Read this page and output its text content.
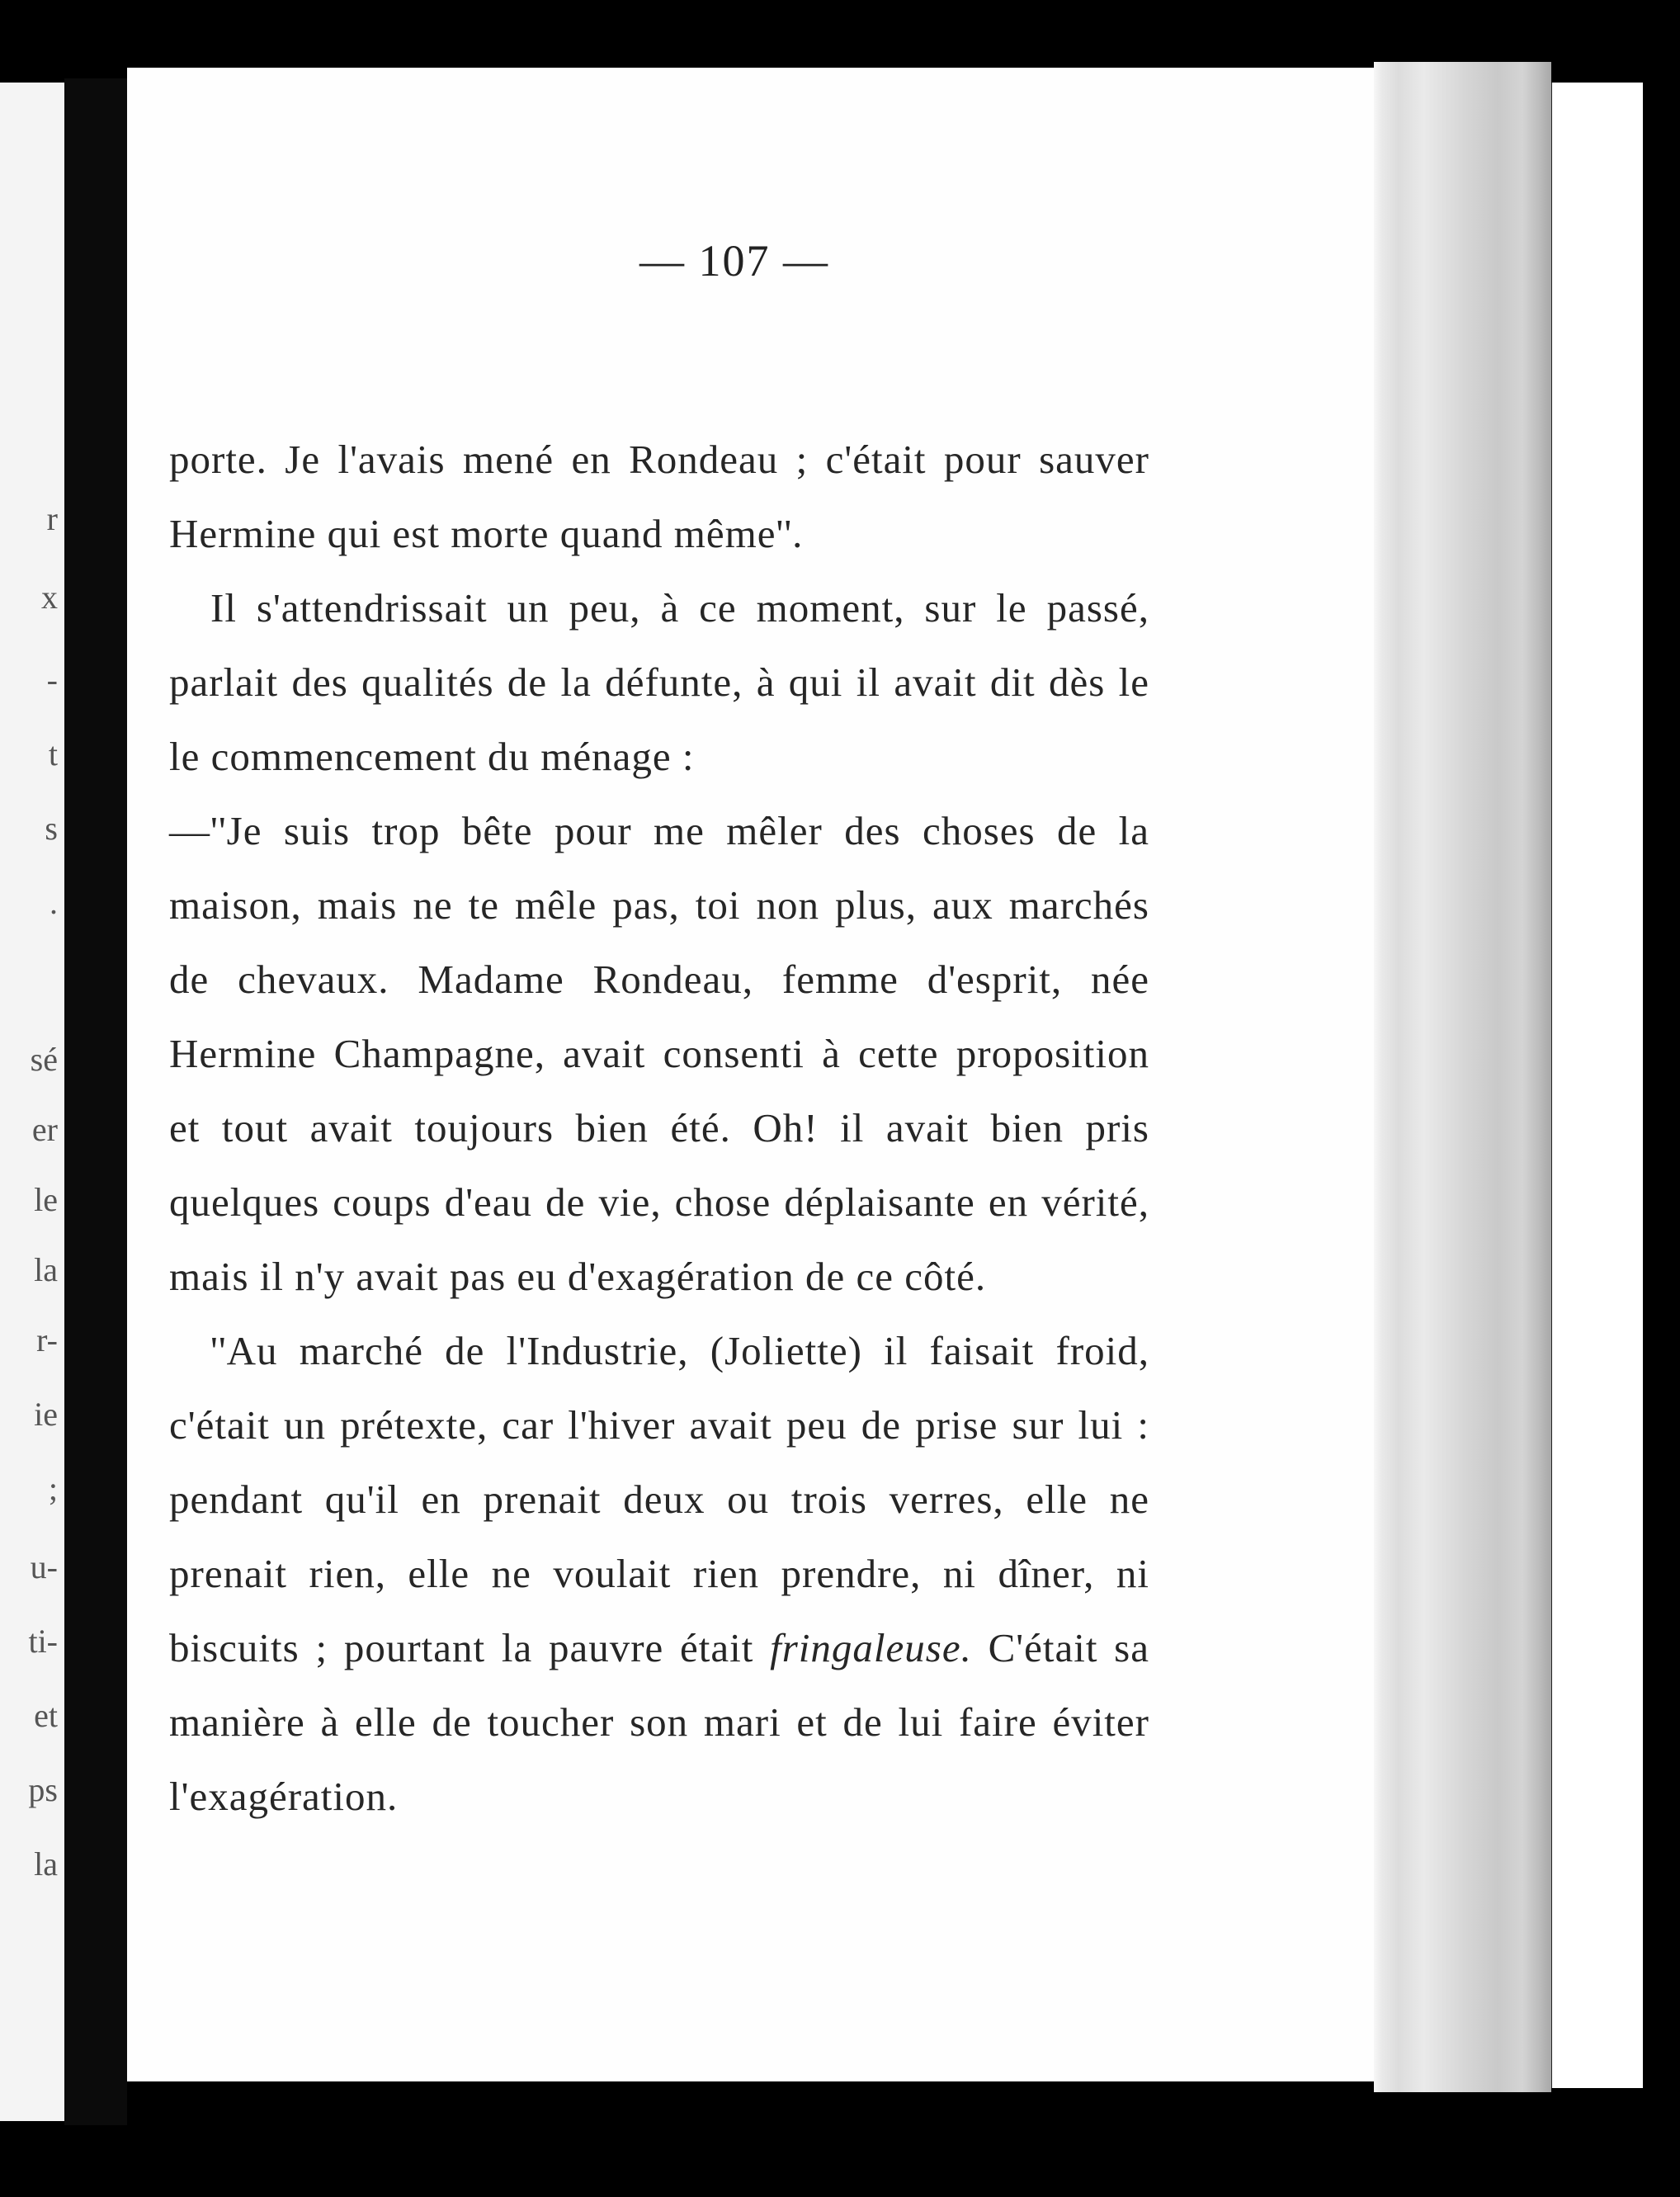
r
x
-
t
s
.
sé
er
le
la
r-
ie
;
u-
ti-
et
ps
la
— 107 —

porte. Je l'avais mené en Rondeau ; c'était pour sauver Hermine qui est morte quand même''.

Il s'attendrissait un peu, à ce moment, sur le passé, parlait des qualités de la défunte, à qui il avait dit dès le le commencement du ménage :

—''Je suis trop bête pour me mêler des choses de la maison, mais ne te mêle pas, toi non plus, aux marchés de chevaux. Madame Rondeau, femme d'esprit, née Hermine Champagne, avait consenti à cette proposition et tout avait toujours bien été. Oh! il avait bien pris quelques coups d'eau de vie, chose déplaisante en vérité, mais il n'y avait pas eu d'exagération de ce côté.

''Au marché de l'Industrie, (Joliette) il faisait froid, c'était un prétexte, car l'hiver avait peu de prise sur lui : pendant qu'il en prenait deux ou trois verres, elle ne prenait rien, elle ne voulait rien prendre, ni dîner, ni biscuits ; pourtant la pauvre était fringaleuse. C'était sa manière à elle de toucher son mari et de lui faire éviter l'exagération.
